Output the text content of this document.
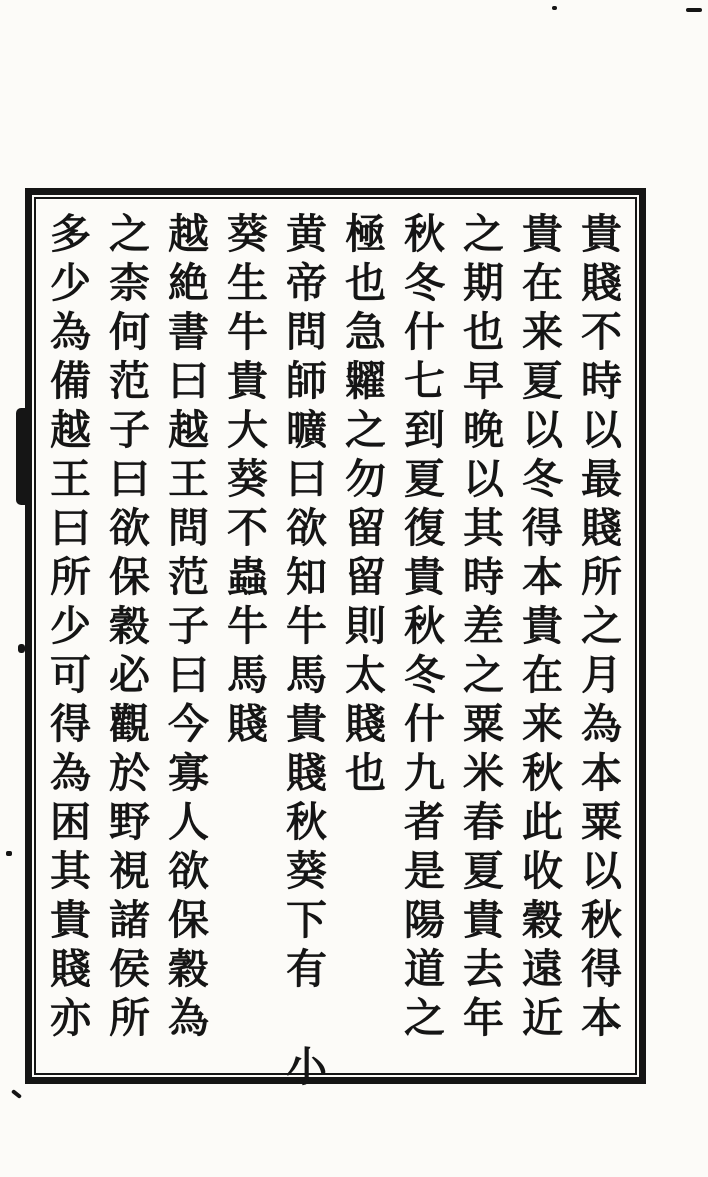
貴賤不時以最賤所之月為本粟以秋得本
貴在来夏以冬得本貴在来秋此收穀遠近
之期也早晚以其時差之粟米春夏貴去年
秋冬什七到夏復貴秋冬什九者是陽道之
極也急糶之勿留留則太賤也
黄帝問師曠曰欲知牛馬貴賤秋葵下有　小
葵生牛貴大葵不蟲牛馬賤
越絶書曰越王問范子曰今寡人欲保穀為
之柰何范子曰欲保穀必觀於野視諸侯所
多少為備越王曰所少可得為困其貴賤亦
